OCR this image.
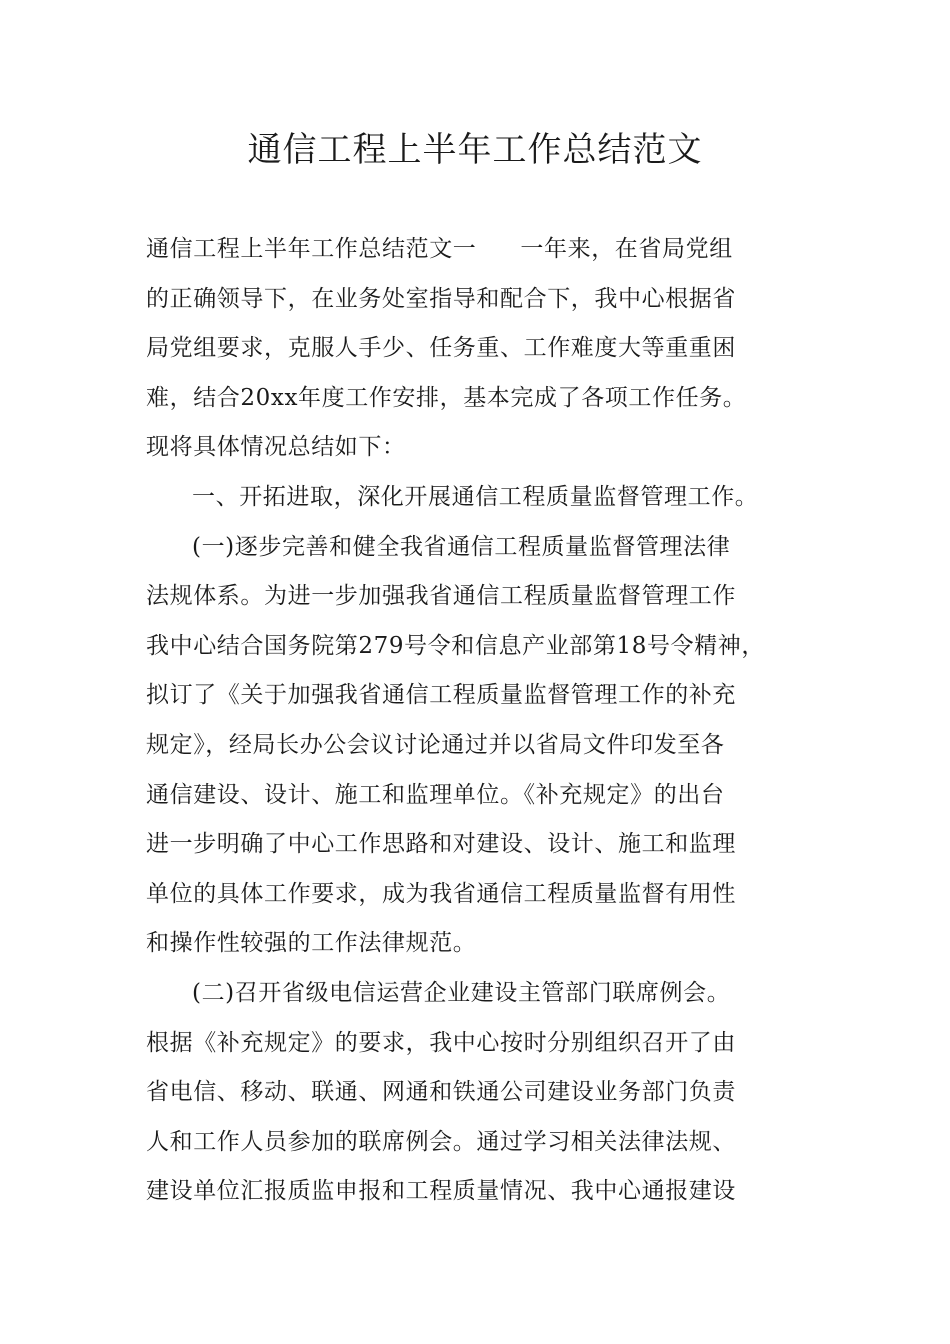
通信工程上半年工作总结范文
通信工程上半年工作总结范文一 一年来，在省局党组
的正确领导下，在业务处室指导和配合下，我中心根据省
局党组要求，克服人手少、任务重、工作难度大等重重困
难，结合20xx年度工作安排，基本完成了各项工作任务。
现将具体情况总结如下：
一、开拓进取，深化开展通信工程质量监督管理工作。
(一)逐步完善和健全我省通信工程质量监督管理法律
法规体系。为进一步加强我省通信工程质量监督管理工作
我中心结合国务院第279号令和信息产业部第18号令精神，
拟订了《关于加强我省通信工程质量监督管理工作的补充
规定》，经局长办公会议讨论通过并以省局文件印发至各
通信建设、设计、施工和监理单位。《补充规定》的出台
进一步明确了中心工作思路和对建设、设计、施工和监理
单位的具体工作要求，成为我省通信工程质量监督有用性
和操作性较强的工作法律规范。
(二)召开省级电信运营企业建设主管部门联席例会。
根据《补充规定》的要求，我中心按时分别组织召开了由
省电信、移动、联通、网通和铁通公司建设业务部门负责
人和工作人员参加的联席例会。通过学习相关法律法规、
建设单位汇报质监申报和工程质量情况、我中心通报建设
